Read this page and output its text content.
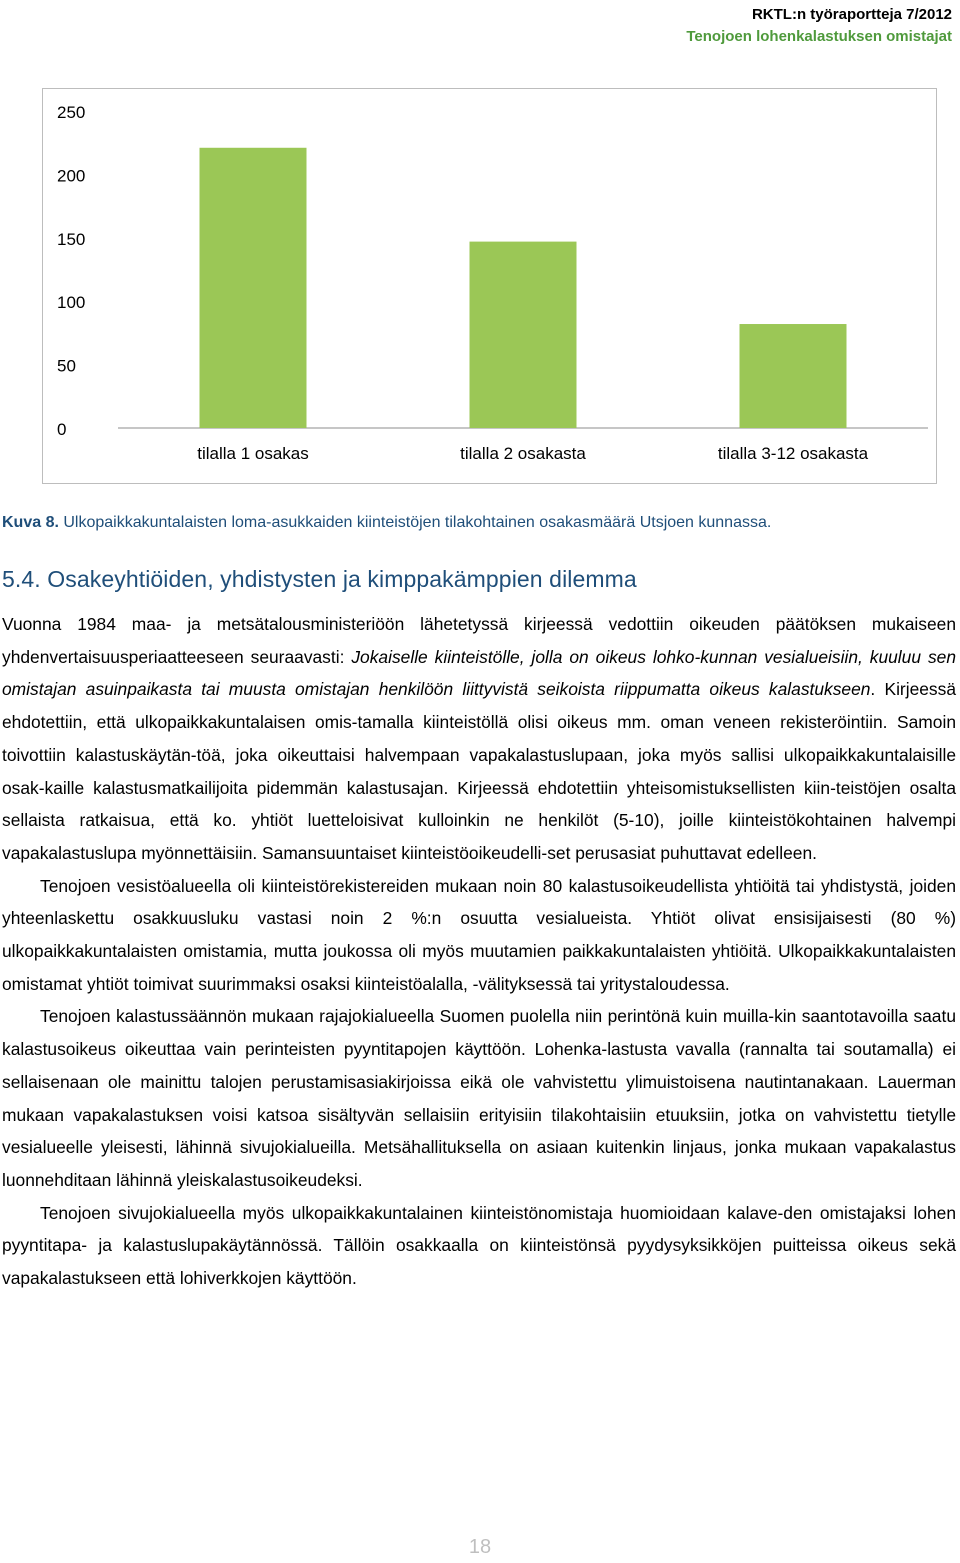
RKTL:n työraportteja 7/2012
Tenojoen lohenkalastuksen omistajat
0
50
100
150
200
250
tilalla 1 osakas	tilalla 2 osakasta	tilalla 3-12 osakasta
Kuva 8. Ulkopaikkakuntalaisten loma-asukkaiden kiinteistöjen tilakohtainen osakasmäärä Utsjoen kunnassa.
5.4. Osakeyhtiöiden, yhdistysten ja kimppakämppien dilemma

Vuonna 1984 maa- ja metsätalousministeriöön lähetetyssä kirjeessä vedottiin oikeuden päätöksen mukaiseen yhdenvertaisuusperiaatteeseen seuraavasti: Jokaiselle kiinteistölle, jolla on oikeus lohko-kunnan vesialueisiin, kuuluu sen omistajan asuinpaikasta tai muusta omistajan henkilöön liittyvistä seikoista riippumatta oikeus kalastukseen. Kirjeessä ehdotettiin, että ulkopaikkakuntalaisen omis-tamalla kiinteistöllä olisi oikeus mm. oman veneen rekisteröintiin. Samoin toivottiin kalastuskäytän-töä, joka oikeuttaisi halvempaan vapakalastuslupaan, joka myös sallisi ulkopaikkakuntalaisille osak-kaille kalastusmatkailijoita pidemmän kalastusajan. Kirjeessä ehdotettiin yhteisomistuksellisten kiin-teistöjen osalta sellaista ratkaisua, että ko. yhtiöt luetteloisivat kulloinkin ne henkilöt (5-10), joille kiinteistökohtainen halvempi vapakalastuslupa myönnettäisiin. Samansuuntaiset kiinteistöoikeudelli-set perusasiat puhuttavat edelleen.

Tenojoen vesistöalueella oli kiinteistörekistereiden mukaan noin 80 kalastusoikeudellista yhtiöitä tai yhdistystä, joiden yhteenlaskettu osakkuusluku vastasi noin 2 %:n osuutta vesialueista. Yhtiöt olivat ensisijaisesti (80 %) ulkopaikkakuntalaisten omistamia, mutta joukossa oli myös muutamien paikkakuntalaisten yhtiöitä. Ulkopaikkakuntalaisten omistamat yhtiöt toimivat suurimmaksi osaksi kiinteistöalalla, -välityksessä tai yritystaloudessa.

Tenojoen kalastussäännön mukaan rajajokialueella Suomen puolella niin perintönä kuin muilla-kin saantotavoilla saatu kalastusoikeus oikeuttaa vain perinteisten pyyntitapojen käyttöön. Lohenka-lastusta vavalla (rannalta tai soutamalla) ei sellaisenaan ole mainittu talojen perustamisasiakirjoissa eikä ole vahvistettu ylimuistoisena nautintanakaan. Lauerman mukaan vapakalastuksen voisi katsoa sisältyvän sellaisiin erityisiin tilakohtaisiin etuuksiin, jotka on vahvistettu tietylle vesialueelle yleisesti, lähinnä sivujokialueilla. Metsähallituksella on asiaan kuitenkin linjaus, jonka mukaan vapakalastus luonnehditaan lähinnä yleiskalastusoikeudeksi.

Tenojoen sivujokialueella myös ulkopaikkakuntalainen kiinteistönomistaja huomioidaan kalave-den omistajaksi lohen pyyntitapa- ja kalastuslupakäytännössä. Tällöin osakkaalla on kiinteistönsä pyydysyksikköjen puitteissa oikeus sekä vapakalastukseen että lohiverkkojen käyttöön.

18
